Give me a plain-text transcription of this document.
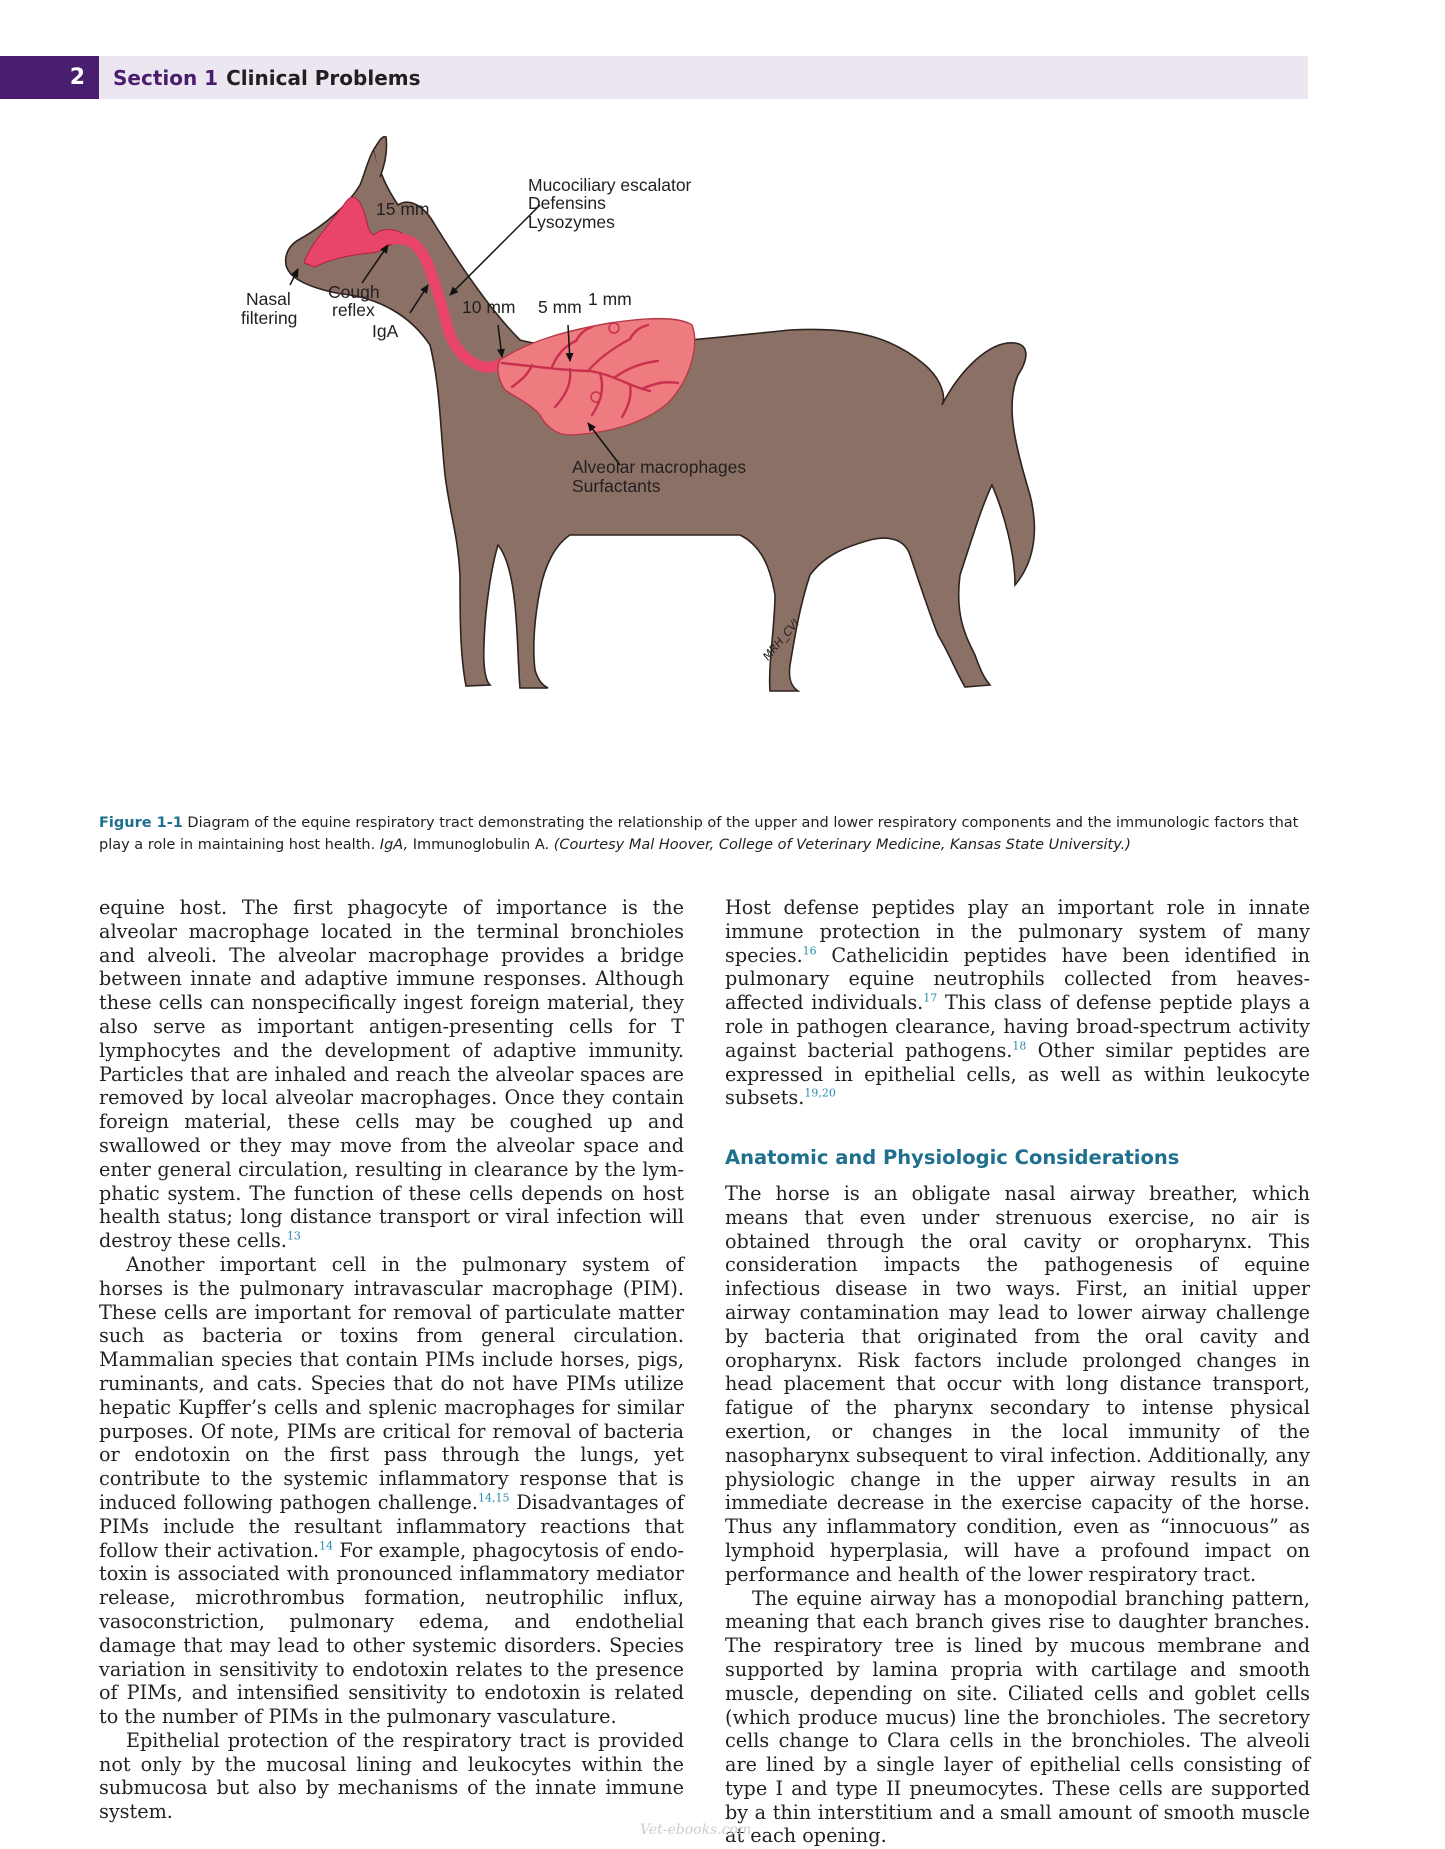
2	Section 1 Clinical Problems
Mucociliary escalator
Defensins
Lysozymes
15 mm
Nasal
filtering
Cough
reflex
IgA
10 mm 5 mm 1 mm
Alveolar macrophages
Surfactants
MRH_CVI
Figure 1-1 Diagram of the equine respiratory tract demonstrating the relationship of the upper and lower respiratory components and the immunologic factors that play a role in maintaining host health. IgA, Immunoglobulin A. (Courtesy Mal Hoover, College of Veterinary Medicine, Kansas State University.)

equine host. The first phagocyte of importance is the alveolar macrophage located in the terminal bronchioles and alveoli. The alveolar macrophage provides a bridge between innate and adaptive immune responses. Although these cells can nonspecifically ingest foreign material, they also serve as important antigen-presenting cells for T lymphocytes and the development of adaptive immunity. Particles that are inhaled and reach the alveolar spaces are removed by local alveolar macrophages. Once they contain foreign material, these cells may be coughed up and swallowed or they may move from the alveolar space and enter general circulation, resulting in clearance by the lymphatic system. The function of these cells depends on host health status; long distance transport or viral infection will destroy these cells.$^{13}$

Another important cell in the pulmonary system of horses is the pulmonary intravascular macrophage (PIM). These cells are important for removal of particulate matter such as bacteria or toxins from general circulation. Mammalian species that contain PIMs include horses, pigs, ruminants, and cats. Species that do not have PIMs utilize hepatic Kupffer’s cells and splenic macrophages for similar purposes. Of note, PIMs are critical for removal of bacteria or endotoxin on the first pass through the lungs, yet contribute to the systemic inflammatory response that is induced following pathogen challenge.$^{14,15}$ Disadvantages of PIMs include the resultant inflammatory reactions that follow their activation.$^{14}$ For example, phagocytosis of endotoxin is associated with pronounced inflammatory mediator release, microthrombus formation, neutrophilic influx, vasoconstriction, pulmonary edema, and endothelial damage that may lead to other systemic disorders. Species variation in sensitivity to endotoxin relates to the presence of PIMs, and intensified sensitivity to endotoxin is related to the number of PIMs in the pulmonary vasculature.

Epithelial protection of the respiratory tract is provided not only by the mucosal lining and leukocytes within the submucosa but also by mechanisms of the innate immune system.

Host defense peptides play an important role in innate immune protection in the pulmonary system of many species.$^{16}$ Cathelicidin peptides have been identified in pulmonary equine neutrophils collected from heaves-affected individuals.$^{17}$ This class of defense peptide plays a role in pathogen clearance, having broad-spectrum activity against bacterial pathogens.$^{18}$ Other similar peptides are expressed in epithelial cells, as well as within leukocyte subsets.$^{19,20}$

Anatomic and Physiologic Considerations

The horse is an obligate nasal airway breather, which means that even under strenuous exercise, no air is obtained through the oral cavity or oropharynx. This consideration impacts the pathogenesis of equine infectious disease in two ways. First, an initial upper airway contamination may lead to lower airway challenge by bacteria that originated from the oral cavity and oropharynx. Risk factors include prolonged changes in head placement that occur with long distance transport, fatigue of the pharynx secondary to intense physical exertion, or changes in the local immunity of the nasopharynx subsequent to viral infection. Additionally, any physiologic change in the upper airway results in an immediate decrease in the exercise capacity of the horse. Thus any inflammatory condition, even as “innocuous” as lymphoid hyperplasia, will have a profound impact on performance and health of the lower respiratory tract.

The equine airway has a monopodial branching pattern, meaning that each branch gives rise to daughter branches. The respiratory tree is lined by mucous membrane and supported by lamina propria with cartilage and smooth muscle, depending on site. Ciliated cells and goblet cells (which produce mucus) line the bronchioles. The secretory cells change to Clara cells in the bronchioles. The alveoli are lined by a single layer of epithelial cells consisting of type I and type II pneumocytes. These cells are supported by a thin interstitium and a small amount of smooth muscle at each opening.

Vet-ebooks.com
